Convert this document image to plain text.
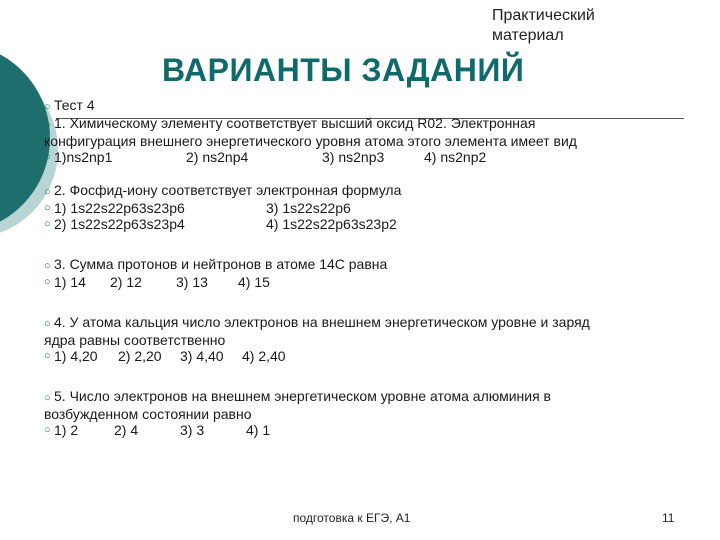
Практический
материал
ВАРИАНТЫ ЗАДАНИЙ
○ Тест 4
○ 1. Химическому элементу соответствует высший оксид R02. Электронная
конфигурация внешнего энергетического уровня атома этого элемента имеет вид
○ 1)ns2np1	2) ns2np4	3) ns2np3	4) ns2np2
○ 2. Фосфид-иону соответствует электронная формула
○ 1) 1s22s22p63s23p6	3) 1s22s22p6
○ 2) 1s22s22p63s23p4	4) 1s22s22p63s23p2
○ 3. Сумма протонов и нейтронов в атоме 14С равна
○ 1) 14	2) 12	3) 13	4) 15
○ 4. У атома кальция число электронов на внешнем энергетическом уровне и заряд
ядра равны соответственно
○ 1) 4,20	2) 2,20	3) 4,40	4) 2,40
○ 5. Число электронов на внешнем энергетическом уровне атома алюминия в
возбужденном состоянии равно
○ 1) 2	2) 4	3) 3	4) 1
подготовка к ЕГЭ, А1	11
